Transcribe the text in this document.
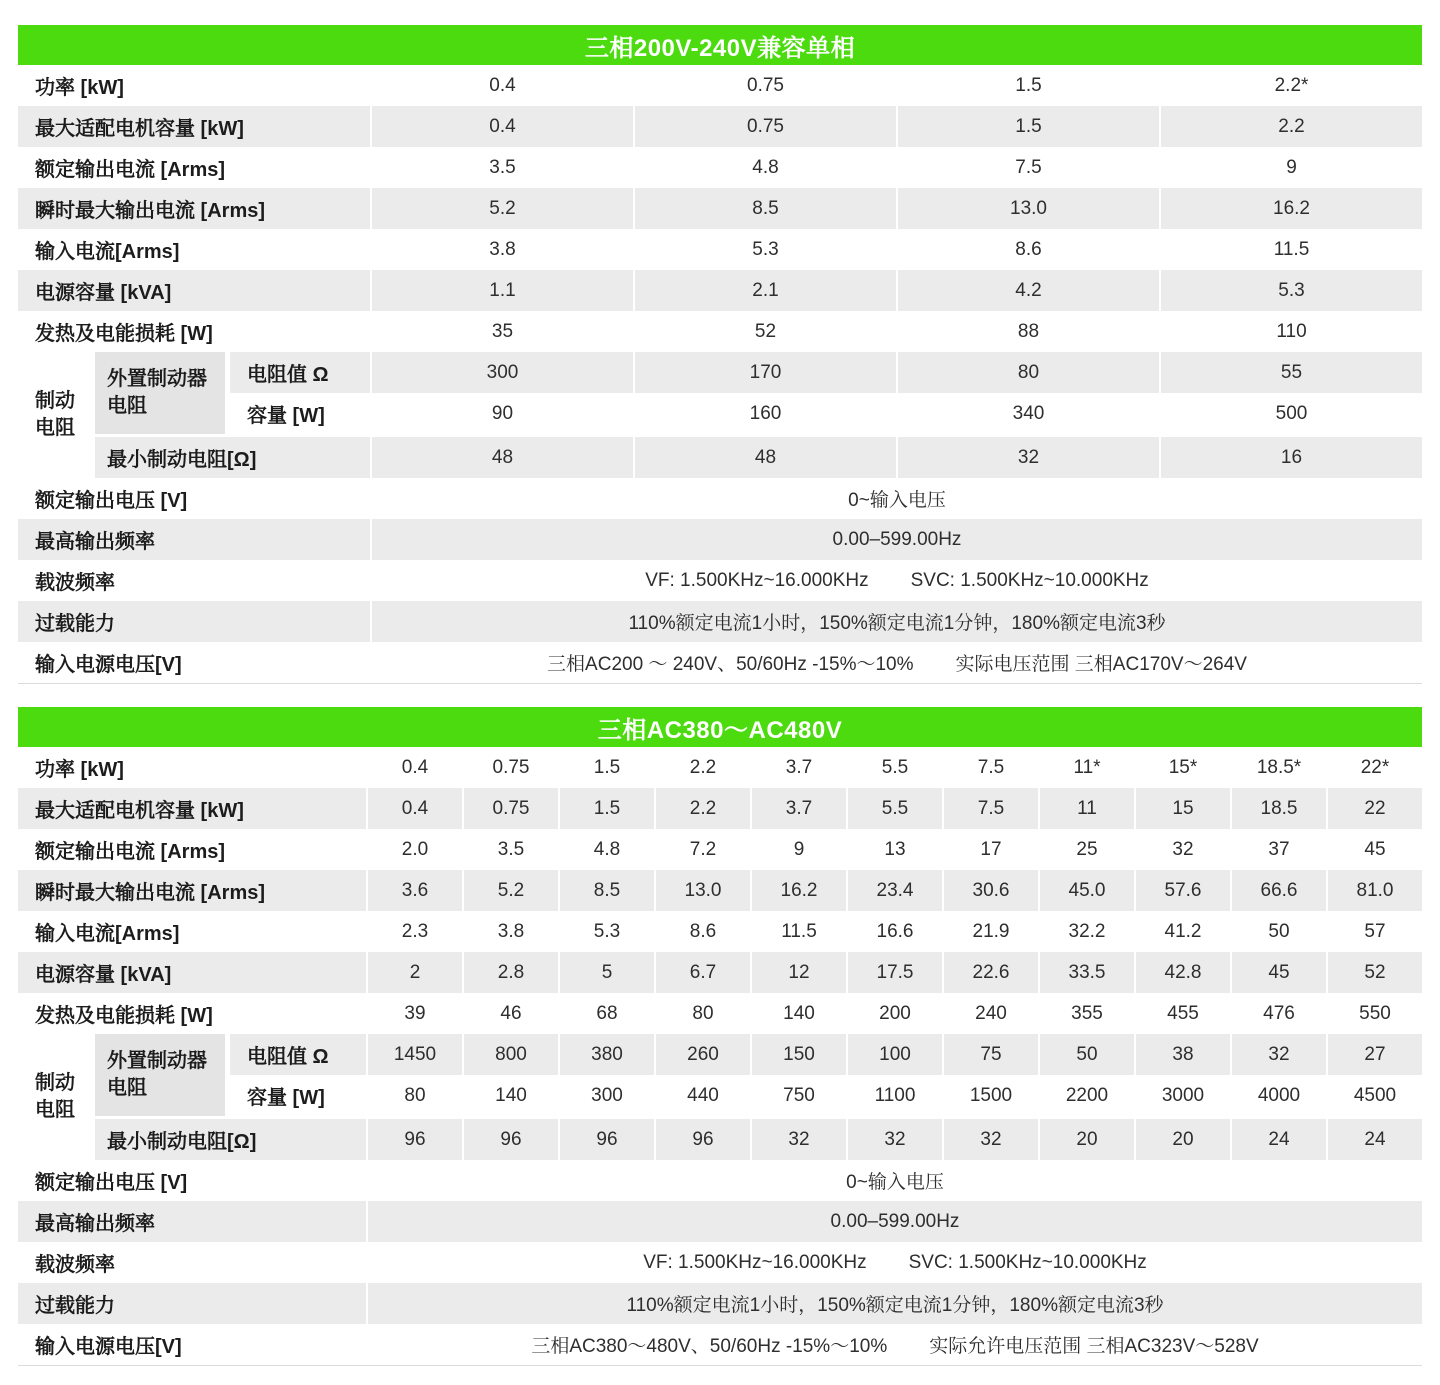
三相200V-240V兼容单相
功率 [kW]	0.4	0.75	1.5	2.2*
最大适配电机容量 [kW]	0.4	0.75	1.5	2.2
额定输出电流 [Arms]	3.5	4.8	7.5	9
瞬时最大输出电流 [Arms]	5.2	8.5	13.0	16.2
输入电流[Arms]	3.8	5.3	8.6	11.5
电源容量 [kVA]	1.1	2.1	4.2	5.3
发热及电能损耗 [W]	35	52	88	110
制动
电阻
外置制动器
电阻
电阻值 Ω	300	170	80	55
容量 [W]	90	160	340	500
最小制动电阻[Ω]	48	48	32	16
额定输出电压 [V]	0~输入电压
最高输出频率	0.00–599.00Hz
载波频率	VF: 1.500KHz~16.000KHz SVC: 1.500KHz~10.000KHz
过载能力	110%额定电流1小时，150%额定电流1分钟，180%额定电流3秒
输入电源电压[V]	三相AC200 ～ 240V、50/60Hz -15%～10% 实际电压范围 三相AC170V～264V
三相AC380～AC480V
功率 [kW]	0.4	0.75	1.5	2.2	3.7	5.5	7.5	11*	15*	18.5*	22*
最大适配电机容量 [kW]	0.4	0.75	1.5	2.2	3.7	5.5	7.5	11	15	18.5	22
额定输出电流 [Arms]	2.0	3.5	4.8	7.2	9	13	17	25	32	37	45
瞬时最大输出电流 [Arms]	3.6	5.2	8.5	13.0	16.2	23.4	30.6	45.0	57.6	66.6	81.0
输入电流[Arms]	2.3	3.8	5.3	8.6	11.5	16.6	21.9	32.2	41.2	50	57
电源容量 [kVA]	2	2.8	5	6.7	12	17.5	22.6	33.5	42.8	45	52
发热及电能损耗 [W]	39	46	68	80	140	200	240	355	455	476	550
制动
电阻
外置制动器
电阻
电阻值 Ω	1450	800	380	260	150	100	75	50	38	32	27
容量 [W]	80	140	300	440	750	1100	1500	2200	3000	4000	4500
最小制动电阻[Ω]	96	96	96	96	32	32	32	20	20	24	24
额定输出电压 [V]	0~输入电压
最高输出频率	0.00–599.00Hz
载波频率	VF: 1.500KHz~16.000KHz SVC: 1.500KHz~10.000KHz
过载能力	110%额定电流1小时，150%额定电流1分钟，180%额定电流3秒
输入电源电压[V]	三相AC380～480V、50/60Hz -15%～10% 实际允许电压范围 三相AC323V～528V
